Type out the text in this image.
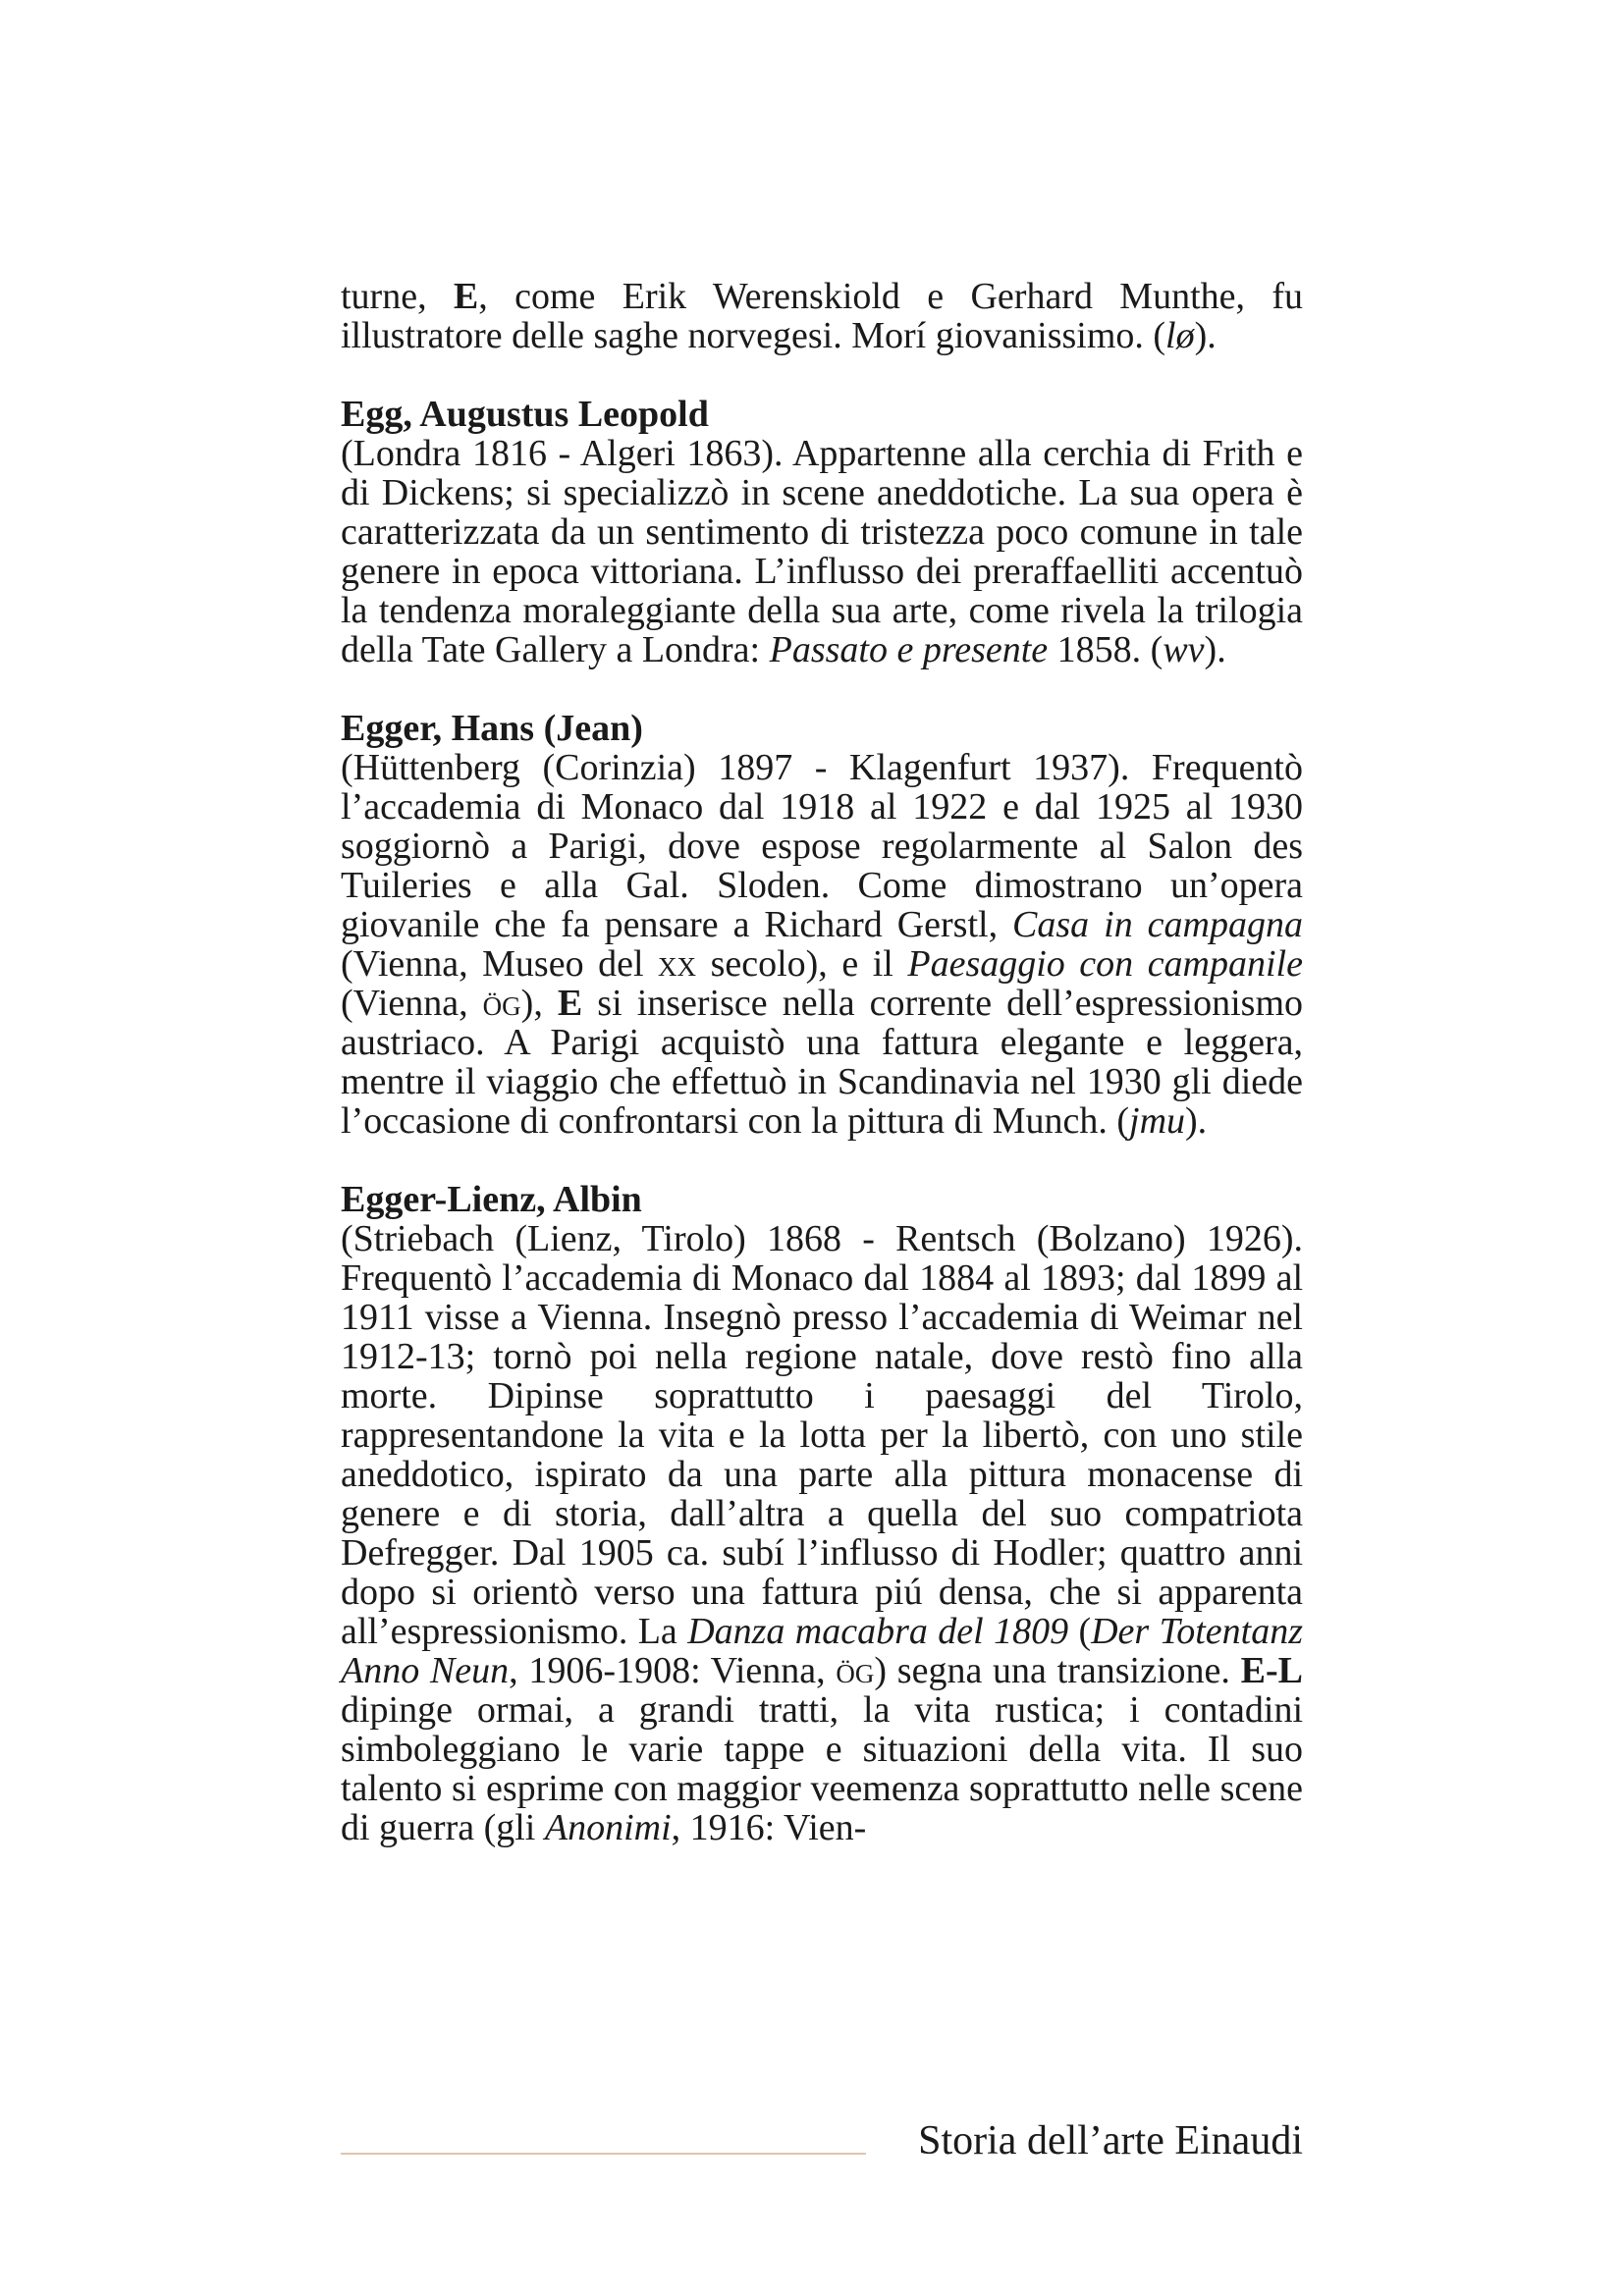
turne, E, come Erik Werenskiold e Gerhard Munthe, fu illustratore delle saghe norvegesi. Morí giovanissimo. (lø).

Egg, Augustus Leopold

(Londra 1816 - Algeri 1863). Appartenne alla cerchia di Frith e di Dickens; si specializzò in scene aneddotiche. La sua opera è caratterizzata da un sentimento di tristezza poco comune in tale genere in epoca vittoriana. L’influsso dei preraffaelliti accentuò la tendenza moraleggiante della sua arte, come rivela la trilogia della Tate Gallery a Londra: Passato e presente 1858. (wv).

Egger, Hans (Jean)

(Hüttenberg (Corinzia) 1897 - Klagenfurt 1937). Frequentò l’accademia di Monaco dal 1918 al 1922 e dal 1925 al 1930 soggiornò a Parigi, dove espose regolarmente al Salon des Tuileries e alla Gal. Sloden. Come dimostrano un’opera giovanile che fa pensare a Richard Gerstl, Casa in campagna (Vienna, Museo del xx secolo), e il Paesaggio con campanile (Vienna, ög), E si inserisce nella corrente dell’espressionismo austriaco. A Parigi acquistò una fattura elegante e leggera, mentre il viaggio che effettuò in Scandinavia nel 1930 gli diede l’occasione di confrontarsi con la pittura di Munch. (jmu).

Egger-Lienz, Albin

(Striebach (Lienz, Tirolo) 1868 - Rentsch (Bolzano) 1926). Frequentò l’accademia di Monaco dal 1884 al 1893; dal 1899 al 1911 visse a Vienna. Insegnò presso l’accademia di Weimar nel 1912-13; tornò poi nella regione natale, dove restò fino alla morte. Dipinse soprattutto i paesaggi del Tirolo, rappresentandone la vita e la lotta per la libertò, con uno stile aneddotico, ispirato da una parte alla pittura monacense di genere e di storia, dall’altra a quella del suo compatriota Defregger. Dal 1905 ca. subí l’influsso di Hodler; quattro anni dopo si orientò verso una fattura piú densa, che si apparenta all’espressionismo. La Danza macabra del 1809 (Der Totentanz Anno Neun, 1906-1908: Vienna, ög) segna una transizione. E-L dipinge ormai, a grandi tratti, la vita rustica; i contadini simboleggiano le varie tappe e situazioni della vita. Il suo talento si esprime con maggior veemenza soprattutto nelle scene di guerra (gli Anonimi, 1916: Vien-

Storia dell’arte Einaudi
